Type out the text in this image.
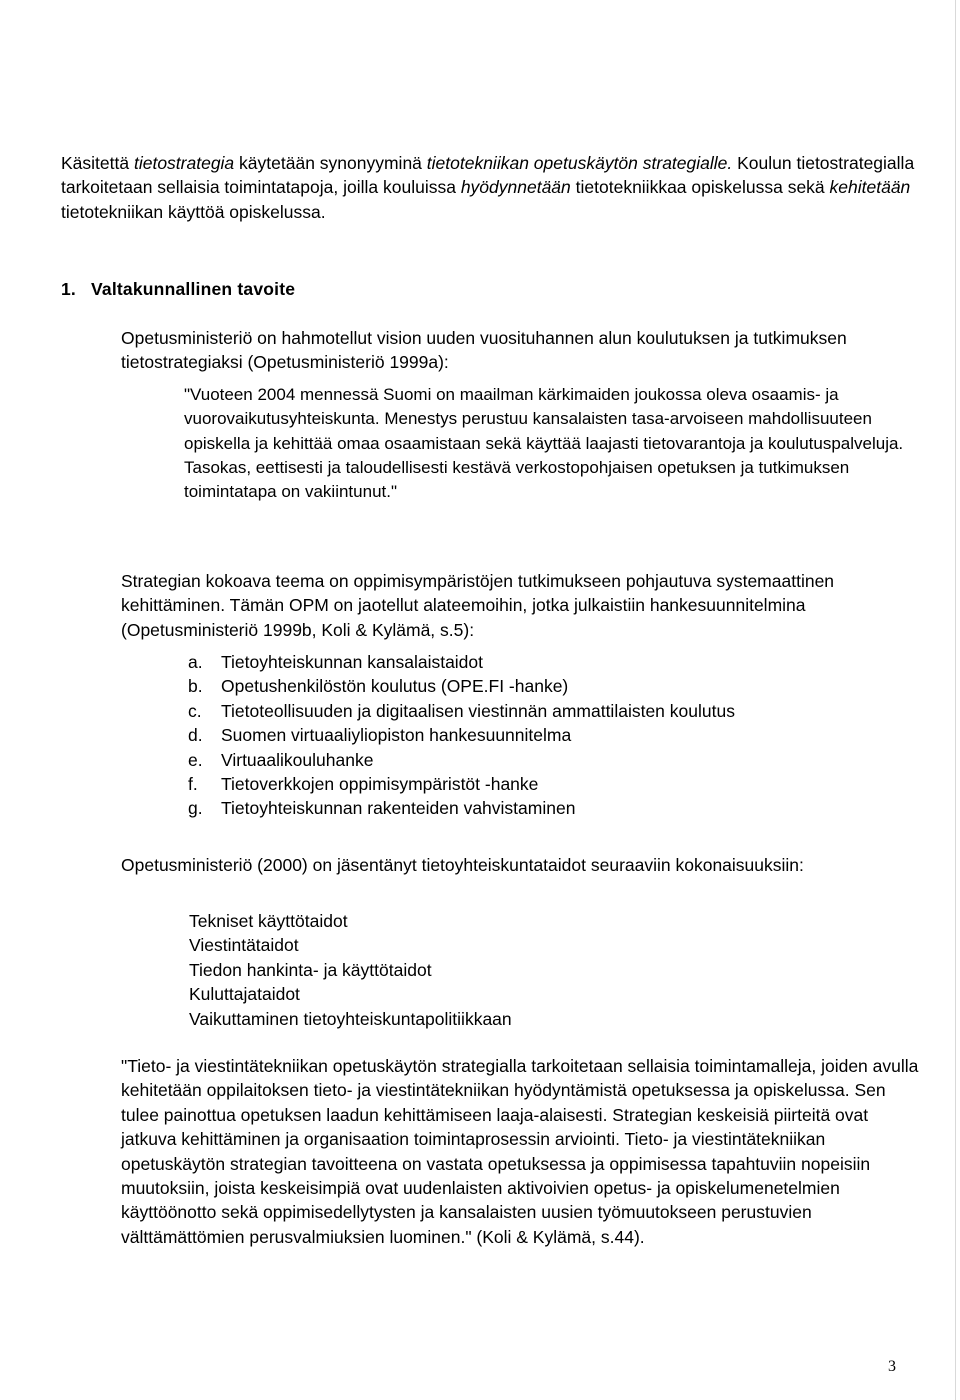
Käsitettä tietostrategia käytetään synonyyminä tietotekniikan opetuskäytön strategialle. Koulun tietostrategialla tarkoitetaan sellaisia toimintatapoja, joilla kouluissa hyödynnetään tietotekniikkaa opiskelussa sekä kehitetään tietotekniikan käyttöä opiskelussa.

1. Valtakunnallinen tavoite

Opetusministeriö on hahmotellut vision uuden vuosituhannen alun koulutuksen ja tutkimuksen tietostrategiaksi (Opetusministeriö 1999a):

"Vuoteen 2004 mennessä Suomi on maailman kärkimaiden joukossa oleva osaamis- ja vuorovaikutusyhteiskunta. Menestys perustuu kansalaisten tasa-arvoiseen mahdollisuuteen opiskella ja kehittää omaa osaamistaan sekä käyttää laajasti tietovarantoja ja koulutuspalveluja. Tasokas, eettisesti ja taloudellisesti kestävä verkostopohjaisen opetuksen ja tutkimuksen toimintatapa on vakiintunut."

Strategian kokoava teema on oppimisympäristöjen tutkimukseen pohjautuva systemaattinen kehittäminen. Tämän OPM on jaotellut alateemoihin, jotka julkaistiin hankesuunnitelmina (Opetusministeriö 1999b, Koli & Kylämä, s.5):

a. Tietoyhteiskunnan kansalaistaidot
b. Opetushenkilöstön koulutus (OPE.FI -hanke)
c. Tietoteollisuuden ja digitaalisen viestinnän ammattilaisten koulutus
d. Suomen virtuaaliyliopiston hankesuunnitelma
e. Virtuaalikouluhanke
f. Tietoverkkojen oppimisympäristöt -hanke
g. Tietoyhteiskunnan rakenteiden vahvistaminen

Opetusministeriö (2000) on jäsentänyt tietoyhteiskuntataidot seuraaviin kokonaisuuksiin:

Tekniset käyttötaidot
Viestintätaidot
Tiedon hankinta- ja käyttötaidot
Kuluttajataidot
Vaikuttaminen tietoyhteiskuntapolitiikkaan

"Tieto- ja viestintätekniikan opetuskäytön strategialla tarkoitetaan sellaisia toimintamalleja, joiden avulla kehitetään oppilaitoksen tieto- ja viestintätekniikan hyödyntämistä opetuksessa ja opiskelussa. Sen tulee painottua opetuksen laadun kehittämiseen laaja-alaisesti. Strategian keskeisiä piirteitä ovat jatkuva kehittäminen ja organisaation toimintaprosessin arviointi. Tieto- ja viestintätekniikan opetuskäytön strategian tavoitteena on vastata opetuksessa ja oppimisessa tapahtuviin nopeisiin muutoksiin, joista keskeisimpiä ovat uudenlaisten aktivoivien opetus- ja opiskelumenetelmien käyttöönotto sekä oppimisedellytysten ja kansalaisten uusien työmuutokseen perustuvien välttämättömien perusvalmiuksien luominen." (Koli & Kylämä, s.44).

3
